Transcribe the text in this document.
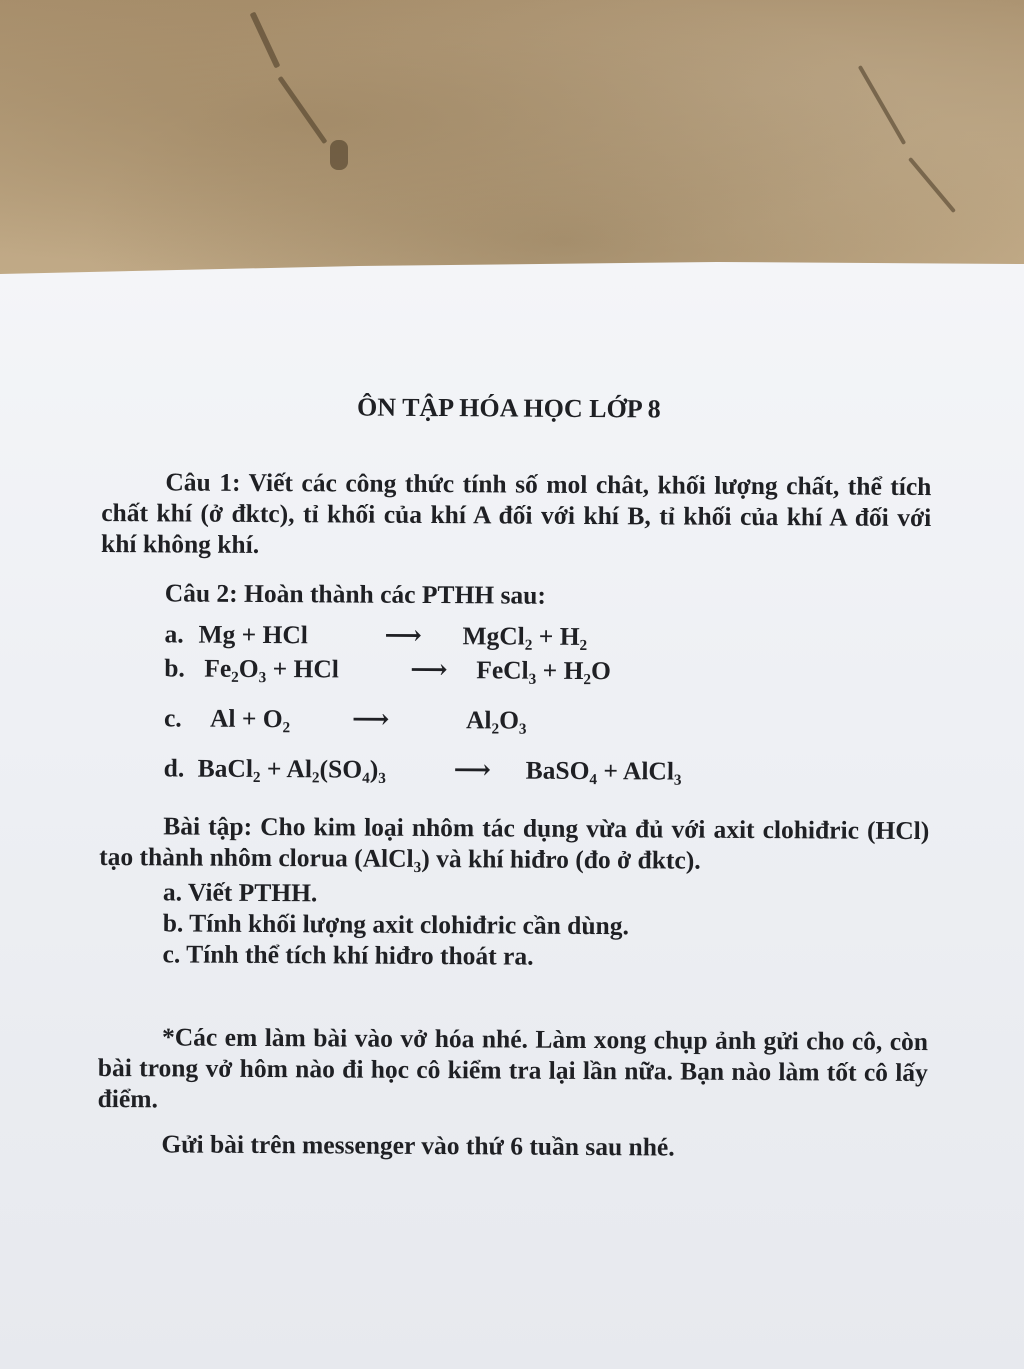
ÔN TẬP HÓA HỌC LỚP 8

Câu 1: Viết các công thức tính số mol chât, khối lượng chất, thể tích chất khí (ở đktc), tỉ khối của khí A đối với khí B, tỉ khối của khí A đối với khí không khí.

Câu 2: Hoàn thành các PTHH sau:

a. Mg + HCl	⟶ MgCl₂ + H₂
b. Fe₂O₃ + HCl	⟶ FeCl₃ + H₂O
c. Al + O₂ ⟶	Al₂O₃
d. BaCl₂ + Al₂(SO₄)₃	⟶ BaSO₄ + AlCl₃

Bài tập: Cho kim loại nhôm tác dụng vừa đủ với axit clohiđric (HCl) tạo thành nhôm clorua (AlCl₃) và khí hiđro (đo ở đktc).

a. Viết PTHH.

b. Tính khối lượng axit clohiđric cần dùng.

c. Tính thể tích khí hiđro thoát ra.

*Các em làm bài vào vở hóa nhé. Làm xong chụp ảnh gửi cho cô, còn bài trong vở hôm nào đi học cô kiểm tra lại lần nữa. Bạn nào làm tốt cô lấy điểm.

Gửi bài trên messenger vào thứ 6 tuần sau nhé.
